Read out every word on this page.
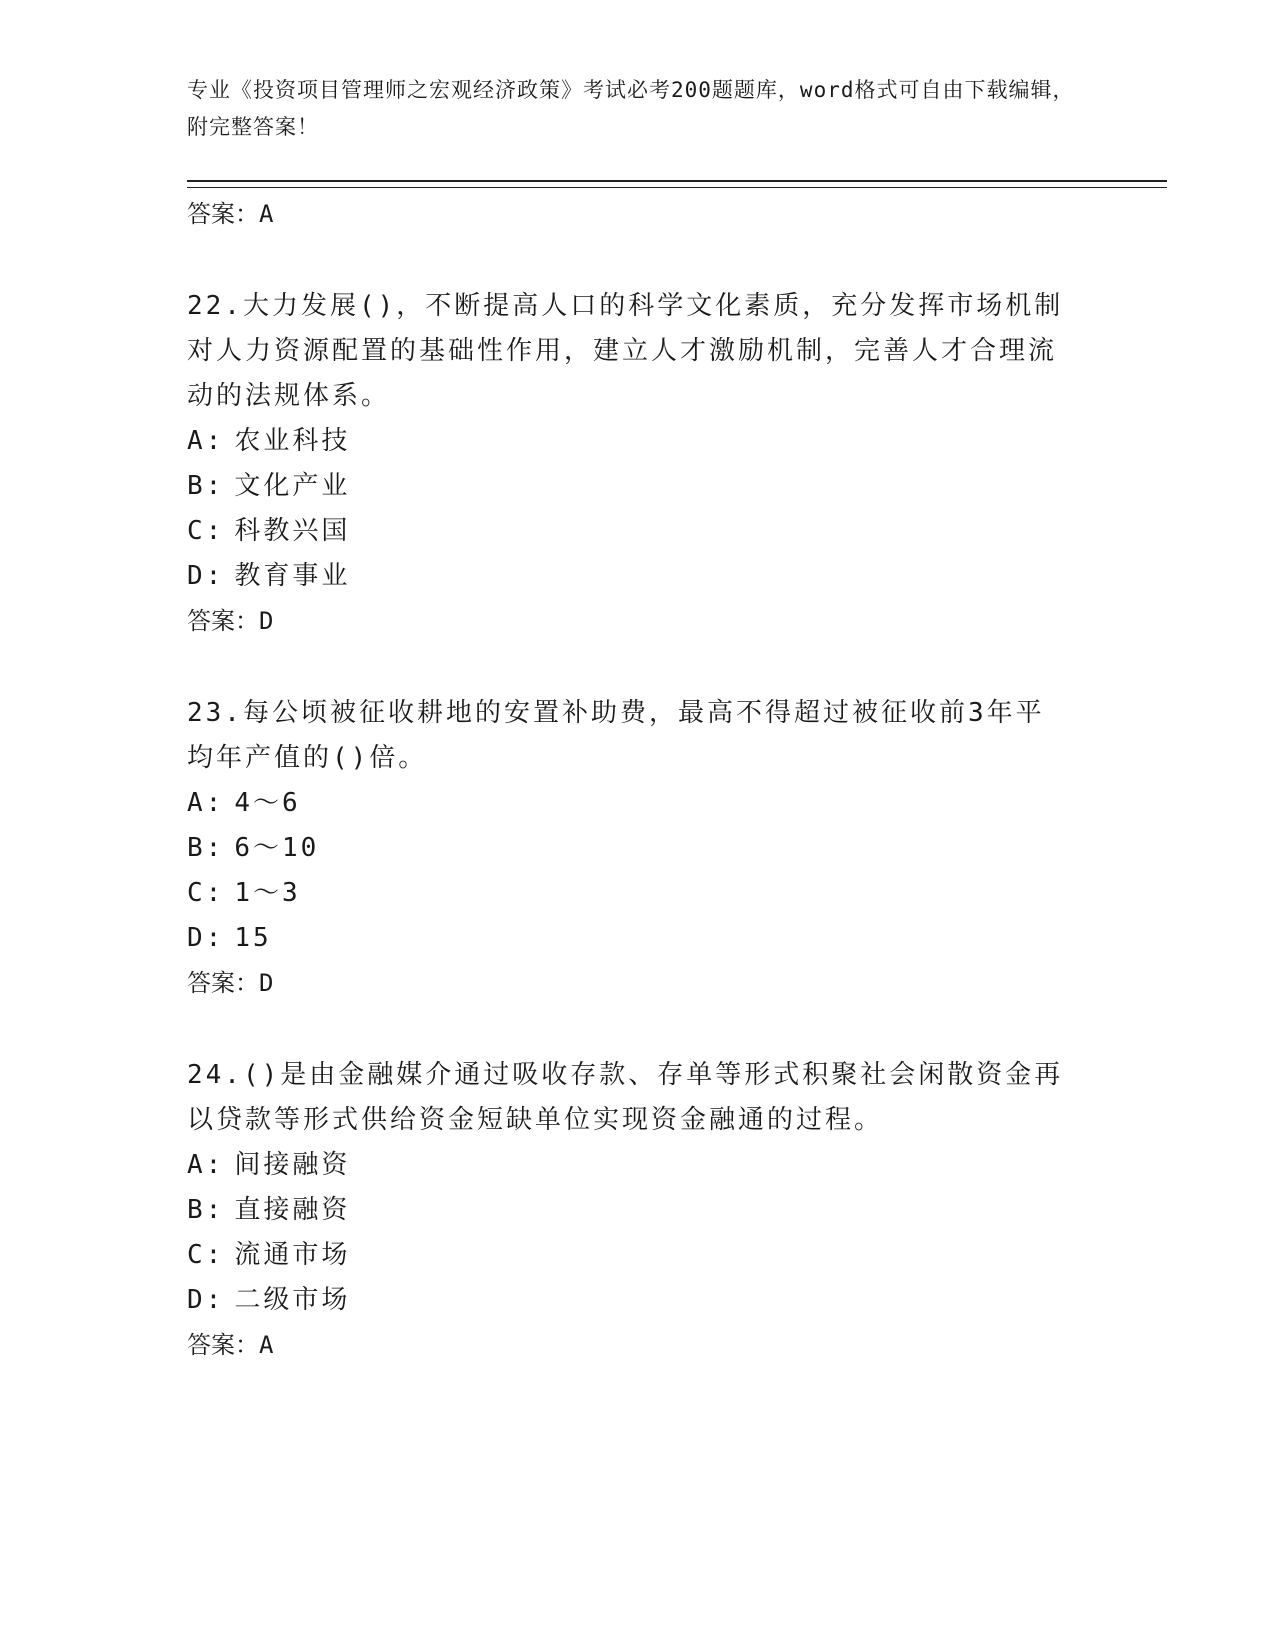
专业《投资项目管理师之宏观经济政策》考试必考200题题库，word格式可自由下载编辑，附完整答案！
答案：A
22.大力发展()，不断提高人口的科学文化素质，充分发挥市场机制对人力资源配置的基础性作用，建立人才激励机制，完善人才合理流动的法规体系。
A: 农业科技
B: 文化产业
C: 科教兴国
D: 教育事业
答案：D
23.每公顷被征收耕地的安置补助费，最高不得超过被征收前3年平均年产值的()倍。
A: 4～6
B: 6～10
C: 1～3
D: 15
答案：D
24.()是由金融媒介通过吸收存款、存单等形式积聚社会闲散资金再以贷款等形式供给资金短缺单位实现资金融通的过程。
A: 间接融资
B: 直接融资
C: 流通市场
D: 二级市场
答案：A
